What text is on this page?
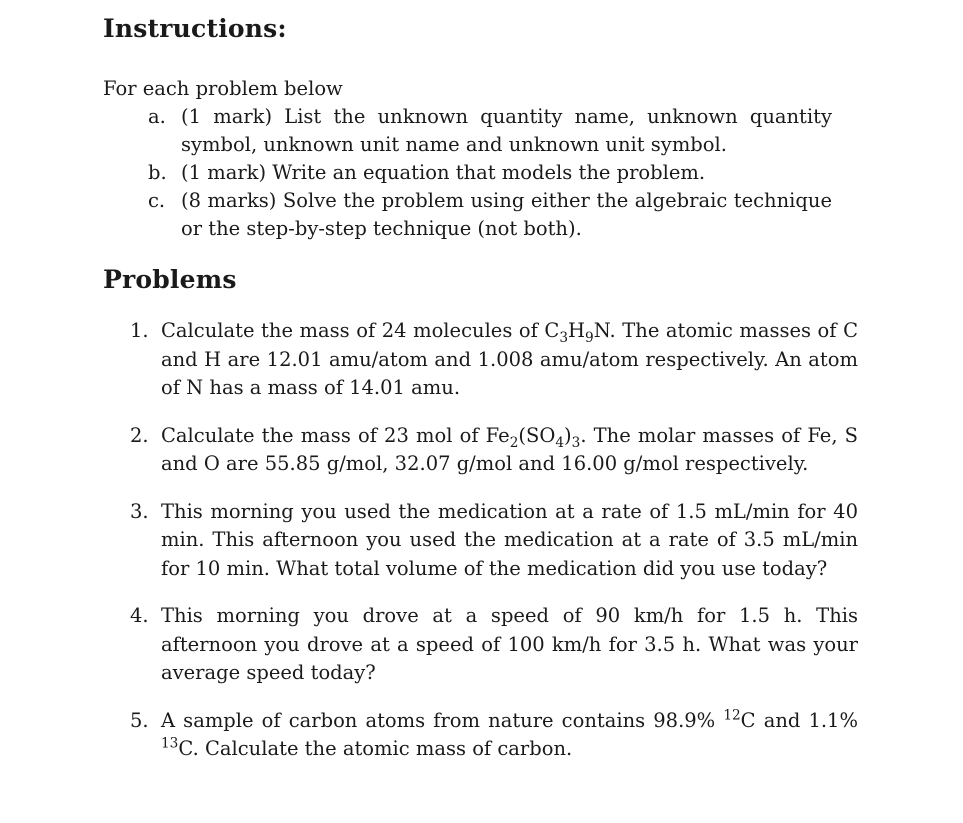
Instructions:
For each problem below
a. (1 mark) List the unknown quantity name, unknown quantity symbol, unknown unit name and unknown unit symbol.
b. (1 mark) Write an equation that models the problem.
c. (8 marks) Solve the problem using either the algebraic technique or the step-by-step technique (not both).
Problems
1. Calculate the mass of 24 molecules of $C_3H_9N$. The atomic masses of C and H are 12.01 amu/atom and 1.008 amu/atom respectively. An atom of N has a mass of 14.01 amu.
2. Calculate the mass of 23 mol of $Fe_2(SO_4)_3$. The molar masses of Fe, S and O are 55.85 g/mol, 32.07 g/mol and 16.00 g/mol respectively.
3. This morning you used the medication at a rate of 1.5 mL/min for 40 min. This afternoon you used the medication at a rate of 3.5 mL/min for 10 min. What total volume of the medication did you use today?
4. This morning you drove at a speed of 90 km/h for 1.5 h. This afternoon you drove at a speed of 100 km/h for 3.5 h. What was your average speed today?
5. A sample of carbon atoms from nature contains 98.9% $^{12}$C and 1.1% $^{13}$C. Calculate the atomic mass of carbon.
